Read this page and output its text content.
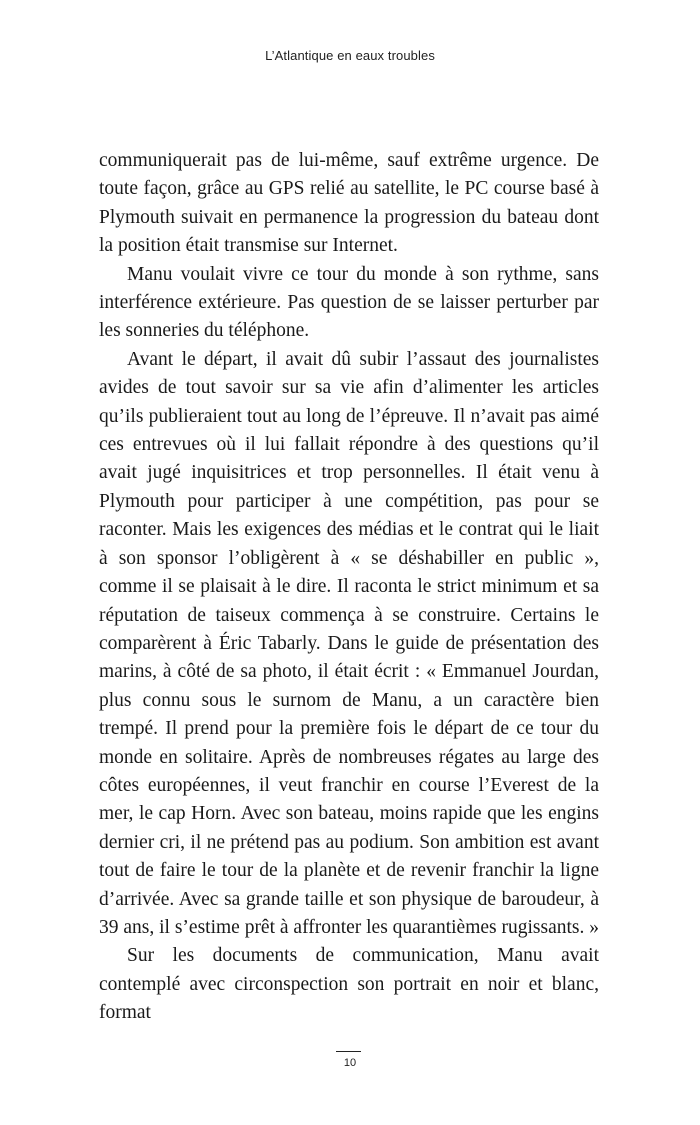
L’Atlantique en eaux troubles

communiquerait pas de lui-même, sauf extrême urgence. De toute façon, grâce au GPS relié au satellite, le PC course basé à Plymouth suivait en permanence la progression du bateau dont la position était transmise sur Internet.

Manu voulait vivre ce tour du monde à son rythme, sans interférence extérieure. Pas question de se laisser perturber par les sonneries du téléphone.

Avant le départ, il avait dû subir l’assaut des journalistes avides de tout savoir sur sa vie afin d’alimenter les articles qu’ils publieraient tout au long de l’épreuve. Il n’avait pas aimé ces entrevues où il lui fallait répondre à des questions qu’il avait jugé inquisitrices et trop personnelles. Il était venu à Plymouth pour participer à une compétition, pas pour se raconter. Mais les exigences des médias et le contrat qui le liait à son sponsor l’obligèrent à « se déshabiller en public », comme il se plaisait à le dire. Il raconta le strict minimum et sa réputation de taiseux commença à se construire. Certains le comparèrent à Éric Tabarly. Dans le guide de présentation des marins, à côté de sa photo, il était écrit : « Emmanuel Jourdan, plus connu sous le surnom de Manu, a un caractère bien trempé. Il prend pour la première fois le départ de ce tour du monde en solitaire. Après de nombreuses régates au large des côtes européennes, il veut franchir en course l’Everest de la mer, le cap Horn. Avec son bateau, moins rapide que les engins dernier cri, il ne prétend pas au podium. Son ambition est avant tout de faire le tour de la planète et de revenir franchir la ligne d’arrivée. Avec sa grande taille et son physique de baroudeur, à 39 ans, il s’estime prêt à affronter les quarantièmes rugissants. »

Sur les documents de communication, Manu avait contemplé avec circonspection son portrait en noir et blanc, format

10
